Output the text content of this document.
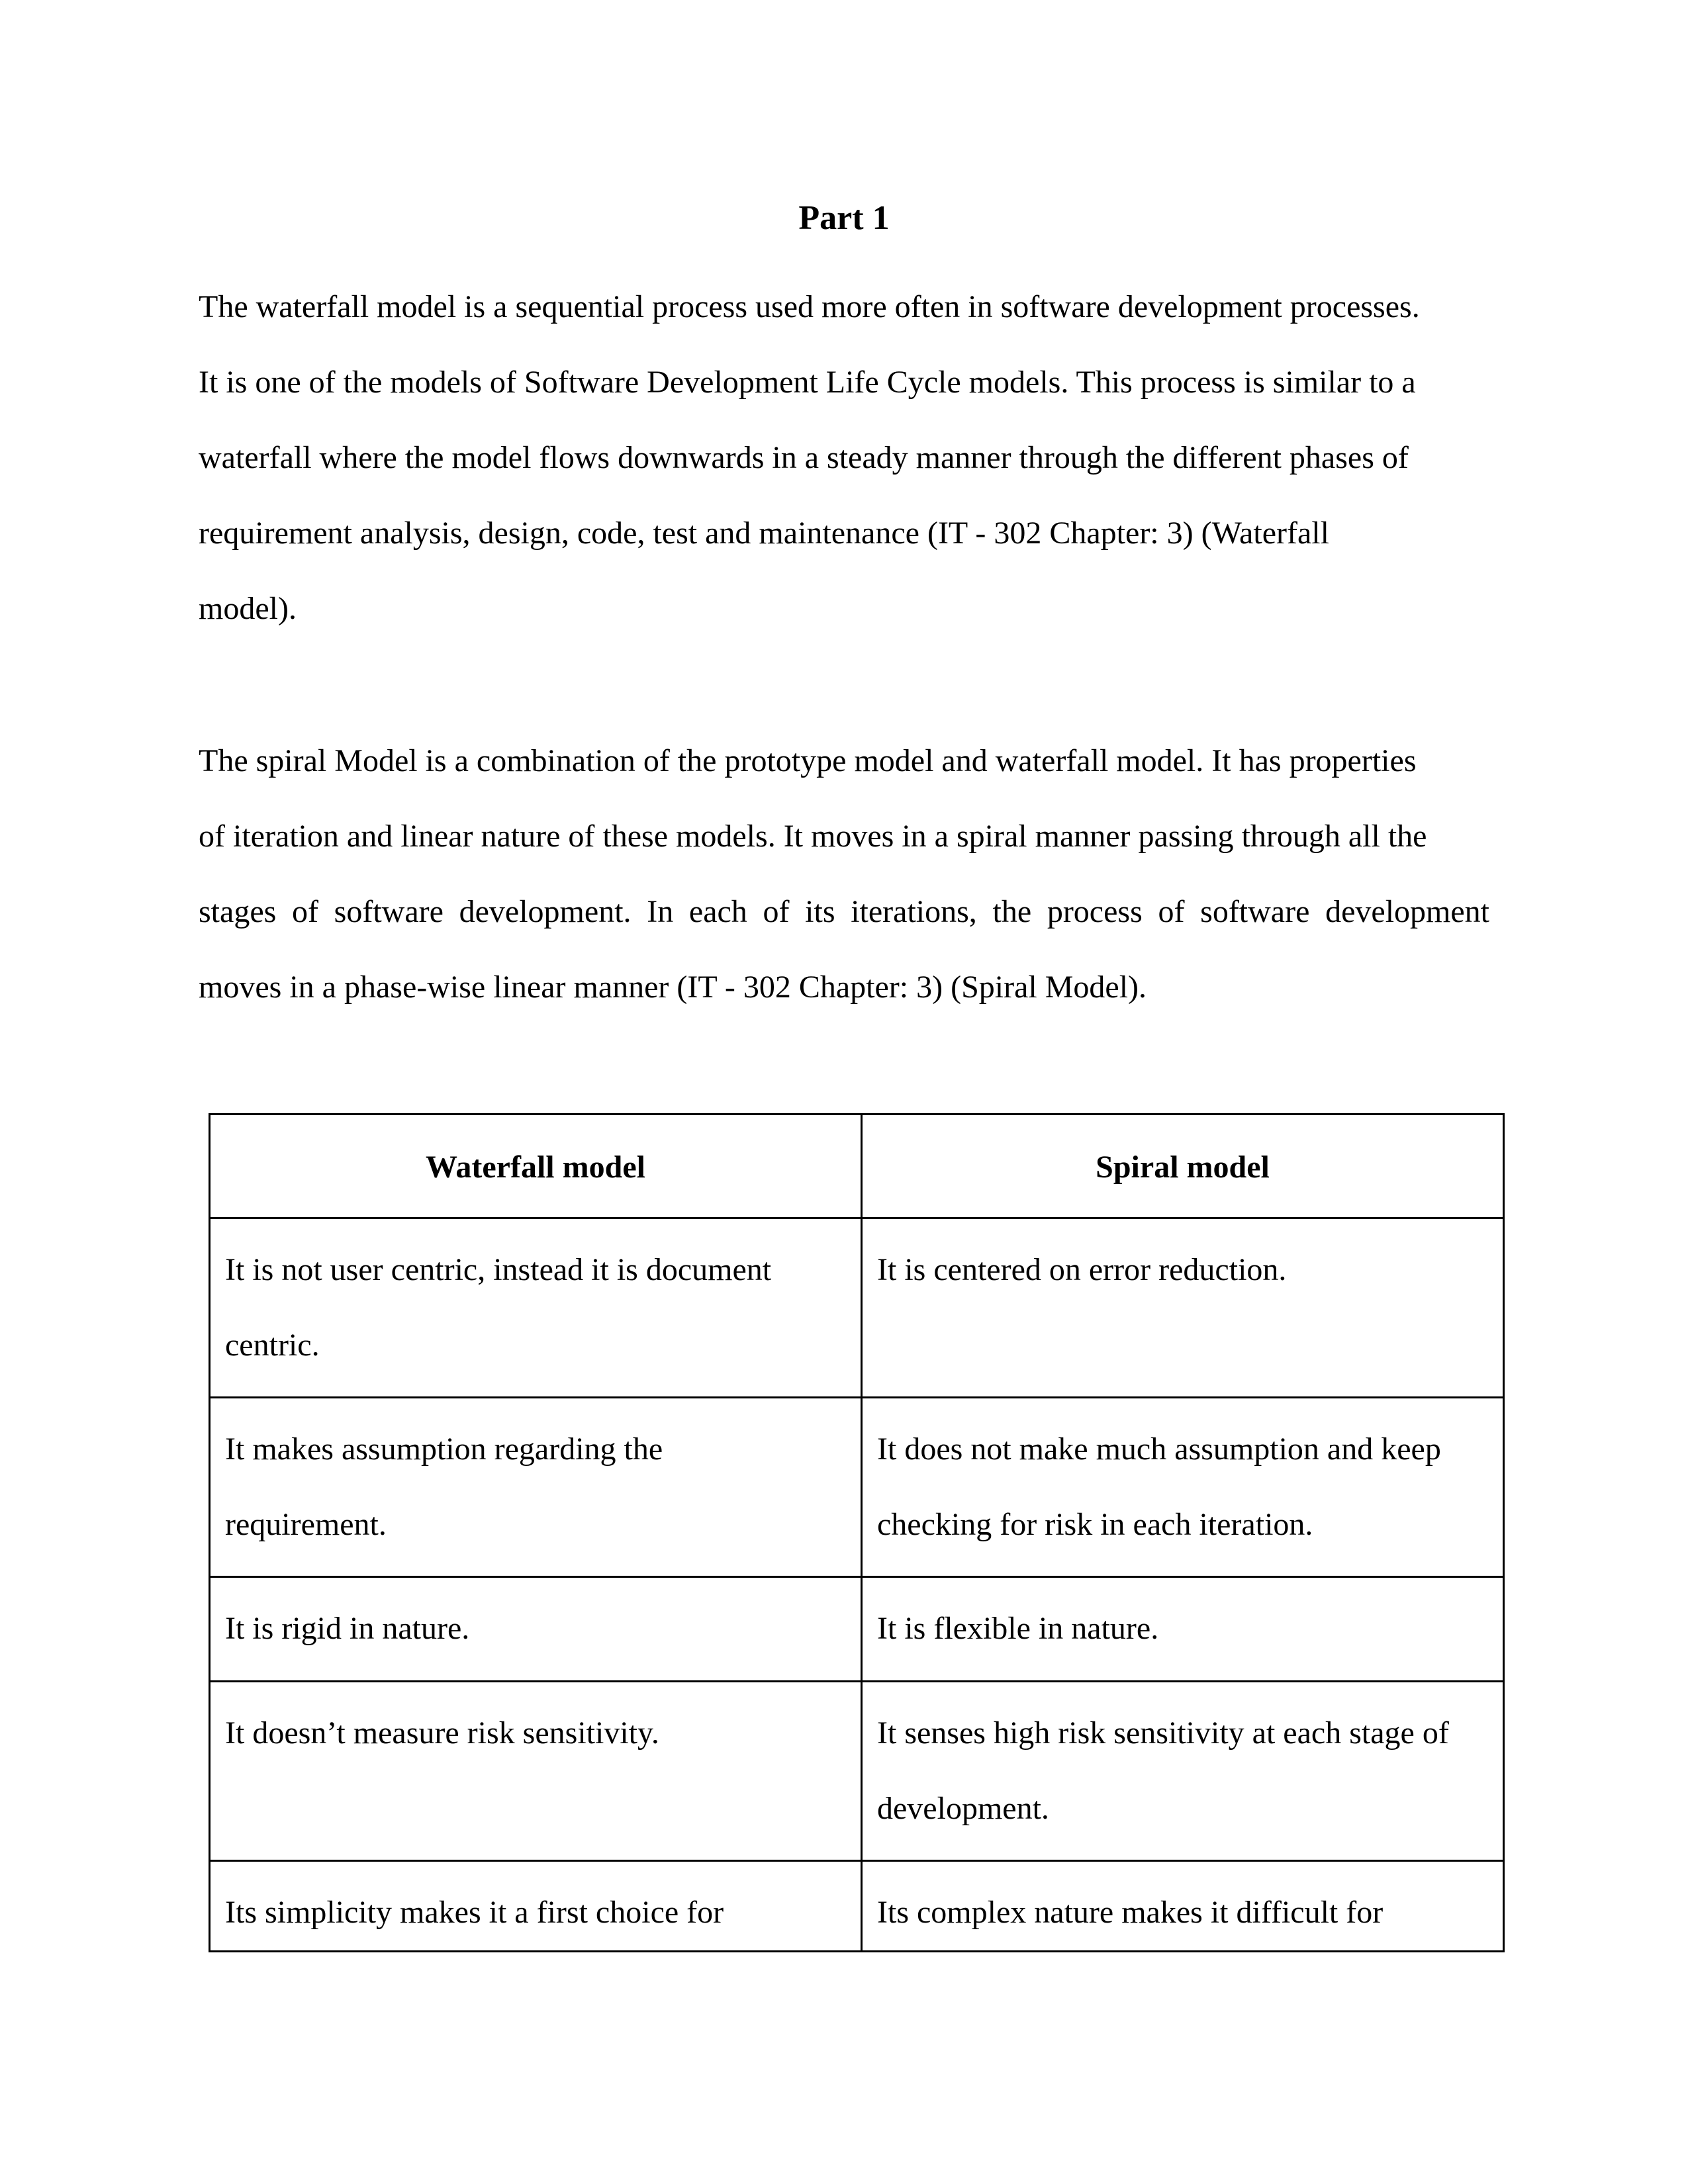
Part 1

The waterfall model is a sequential process used more often in software development processes.
It is one of the models of Software Development Life Cycle models. This process is similar to a
waterfall where the model flows downwards in a steady manner through the different phases of
requirement analysis, design, code, test and maintenance (IT - 302 Chapter: 3) (Waterfall
model).

The spiral Model is a combination of the prototype model and waterfall model. It has properties
of iteration and linear nature of these models. It moves in a spiral manner passing through all the
stages of software development. In each of its iterations, the process of software development
moves in a phase-wise linear manner (IT - 302 Chapter: 3) (Spiral Model).

Waterfall model	Spiral model

It is not user centric, instead it is document
centric.	It is centered on error reduction.

It makes assumption regarding the
requirement.	It does not make much assumption and keep
checking for risk in each iteration.

It is rigid in nature.	It is flexible in nature.

It doesn’t measure risk sensitivity.	It senses high risk sensitivity at each stage of
development.

Its simplicity makes it a first choice for	Its complex nature makes it difficult for
